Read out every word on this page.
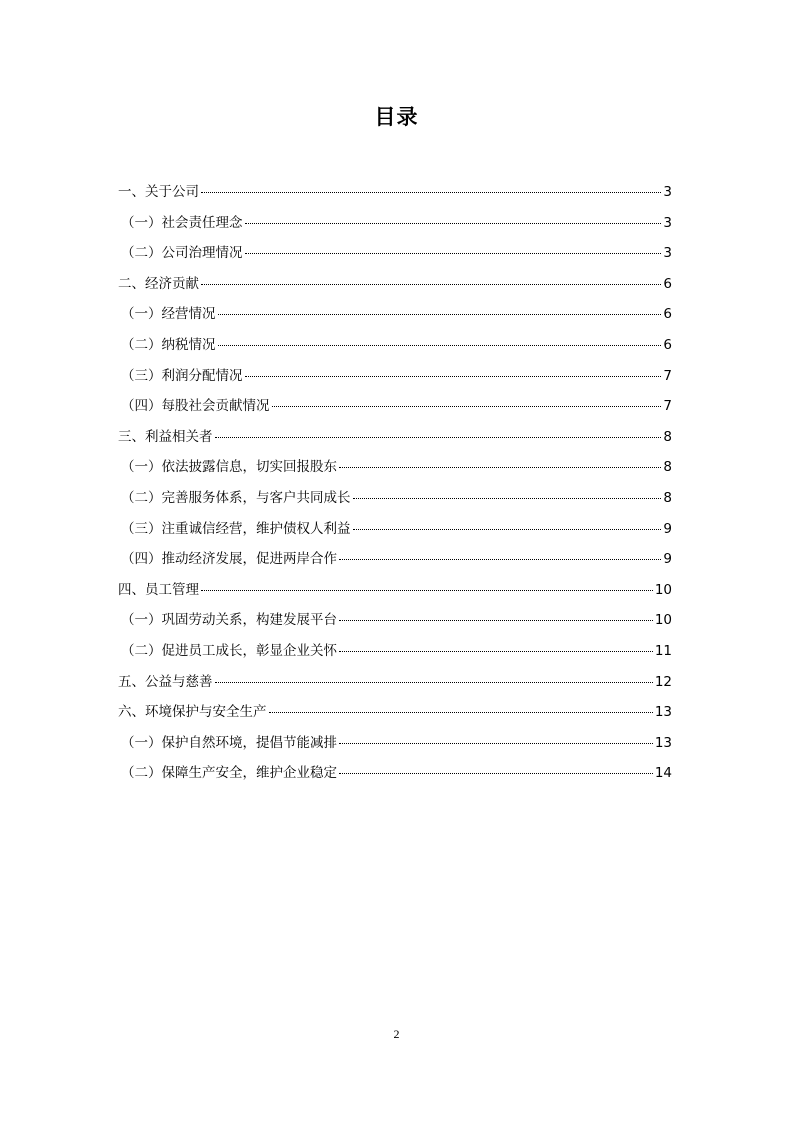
目录
一、关于公司	3
（一）社会责任理念	3
（二）公司治理情况	3
二、经济贡献	6
（一）经营情况	6
（二）纳税情况	6
（三）利润分配情况	7
（四）每股社会贡献情况	7
三、利益相关者	8
（一）依法披露信息，切实回报股东	8
（二）完善服务体系，与客户共同成长	8
（三）注重诚信经营，维护债权人利益	9
（四）推动经济发展，促进两岸合作	9
四、员工管理	10
（一）巩固劳动关系，构建发展平台	10
（二）促进员工成长，彰显企业关怀	11
五、公益与慈善	12
六、环境保护与安全生产	13
（一）保护自然环境，提倡节能减排	13
（二）保障生产安全，维护企业稳定	14
2
